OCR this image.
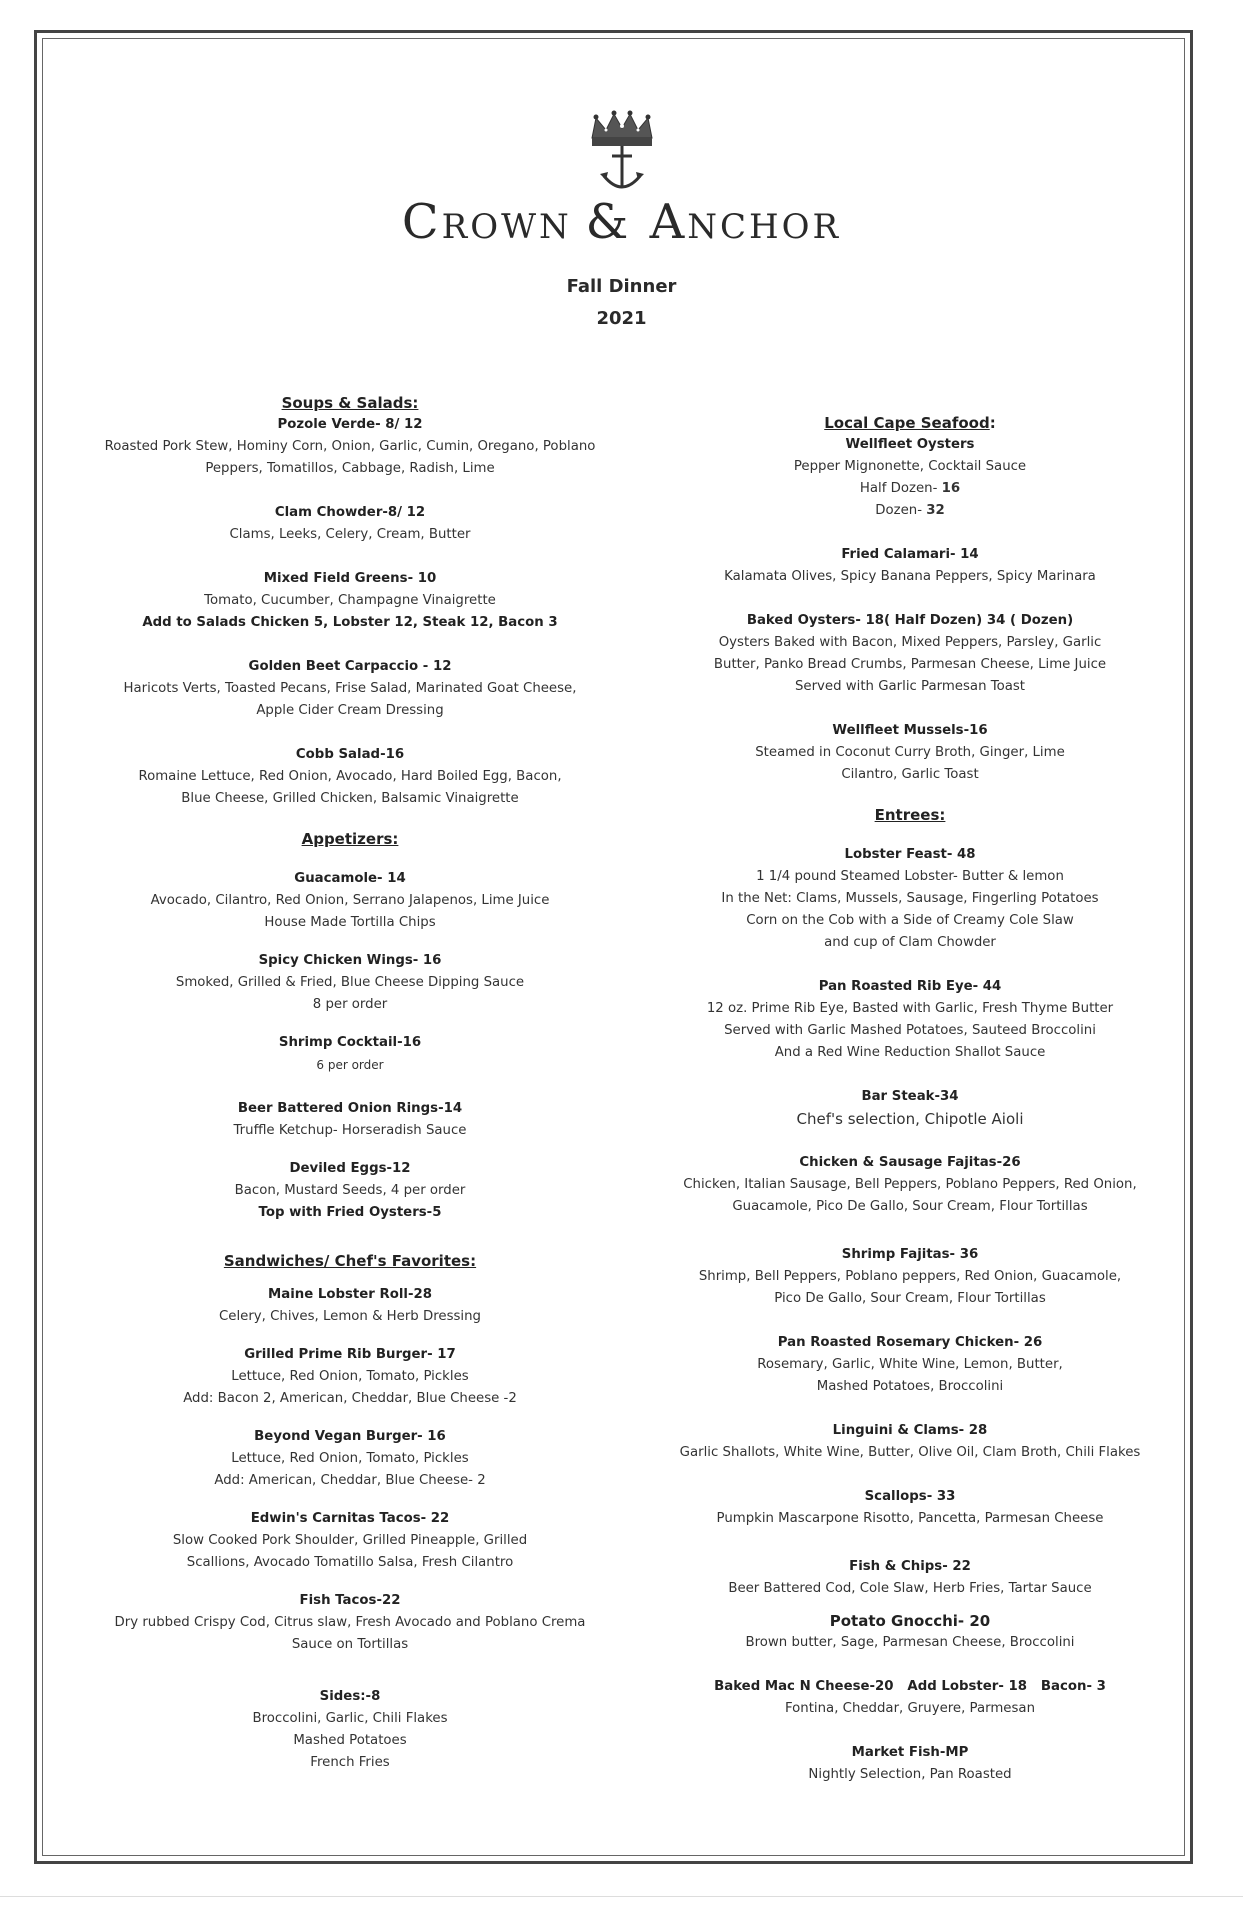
CROWN & ANCHOR
Fall Dinner
2021
Soups & Salads:
Pozole Verde- 8/ 12
Roasted Pork Stew, Hominy Corn, Onion, Garlic, Cumin, Oregano, Poblano
Peppers, Tomatillos, Cabbage, Radish, Lime
Clam Chowder-8/ 12
Clams, Leeks, Celery, Cream, Butter
Mixed Field Greens- 10
Tomato, Cucumber, Champagne Vinaigrette
Add to Salads Chicken 5, Lobster 12, Steak 12, Bacon 3
Golden Beet Carpaccio - 12
Haricots Verts, Toasted Pecans, Frise Salad, Marinated Goat Cheese,
Apple Cider Cream Dressing
Cobb Salad-16
Romaine Lettuce, Red Onion, Avocado, Hard Boiled Egg, Bacon,
Blue Cheese, Grilled Chicken, Balsamic Vinaigrette
Appetizers:
Guacamole- 14
Avocado, Cilantro, Red Onion, Serrano Jalapenos, Lime Juice
House Made Tortilla Chips
Spicy Chicken Wings- 16
Smoked, Grilled & Fried, Blue Cheese Dipping Sauce
8 per order
Shrimp Cocktail-16
6 per order
Beer Battered Onion Rings-14
Truffle Ketchup- Horseradish Sauce
Deviled Eggs-12
Bacon, Mustard Seeds, 4 per order
Top with Fried Oysters-5
Sandwiches/ Chef's Favorites:
Maine Lobster Roll-28
Celery, Chives, Lemon & Herb Dressing
Grilled Prime Rib Burger- 17
Lettuce, Red Onion, Tomato, Pickles
Add: Bacon 2, American, Cheddar, Blue Cheese -2
Beyond Vegan Burger- 16
Lettuce, Red Onion, Tomato, Pickles
Add: American, Cheddar, Blue Cheese- 2
Edwin's Carnitas Tacos- 22
Slow Cooked Pork Shoulder, Grilled Pineapple, Grilled
Scallions, Avocado Tomatillo Salsa, Fresh Cilantro
Fish Tacos-22
Dry rubbed Crispy Cod, Citrus slaw, Fresh Avocado and Poblano Crema
Sauce on Tortillas
Sides:-8
Broccolini, Garlic, Chili Flakes
Mashed Potatoes
French Fries
Local Cape Seafood:
Wellfleet Oysters
Pepper Mignonette, Cocktail Sauce
Half Dozen- 16
Dozen- 32
Fried Calamari- 14
Kalamata Olives, Spicy Banana Peppers, Spicy Marinara
Baked Oysters- 18( Half Dozen) 34 ( Dozen)
Oysters Baked with Bacon, Mixed Peppers, Parsley, Garlic
Butter, Panko Bread Crumbs, Parmesan Cheese, Lime Juice
Served with Garlic Parmesan Toast
Wellfleet Mussels-16
Steamed in Coconut Curry Broth, Ginger, Lime
Cilantro, Garlic Toast
Entrees:
Lobster Feast- 48
1 1/4 pound Steamed Lobster- Butter & lemon
In the Net: Clams, Mussels, Sausage, Fingerling Potatoes
Corn on the Cob with a Side of Creamy Cole Slaw
and cup of Clam Chowder
Pan Roasted Rib Eye- 44
12 oz. Prime Rib Eye, Basted with Garlic, Fresh Thyme Butter
Served with Garlic Mashed Potatoes, Sauteed Broccolini
And a Red Wine Reduction Shallot Sauce
Bar Steak-34
Chef's selection, Chipotle Aioli
Chicken & Sausage Fajitas-26
Chicken, Italian Sausage, Bell Peppers, Poblano Peppers, Red Onion,
Guacamole, Pico De Gallo, Sour Cream, Flour Tortillas
Shrimp Fajitas- 36
Shrimp, Bell Peppers, Poblano peppers, Red Onion, Guacamole,
Pico De Gallo, Sour Cream, Flour Tortillas
Pan Roasted Rosemary Chicken- 26
Rosemary, Garlic, White Wine, Lemon, Butter,
Mashed Potatoes, Broccolini
Linguini & Clams- 28
Garlic Shallots, White Wine, Butter, Olive Oil, Clam Broth, Chili Flakes
Scallops- 33
Pumpkin Mascarpone Risotto, Pancetta, Parmesan Cheese
Fish & Chips- 22
Beer Battered Cod, Cole Slaw, Herb Fries, Tartar Sauce
Potato Gnocchi- 20
Brown butter, Sage, Parmesan Cheese, Broccolini
Baked Mac N Cheese-20   Add Lobster- 18   Bacon- 3
Fontina, Cheddar, Gruyere, Parmesan
Market Fish-MP
Nightly Selection, Pan Roasted
